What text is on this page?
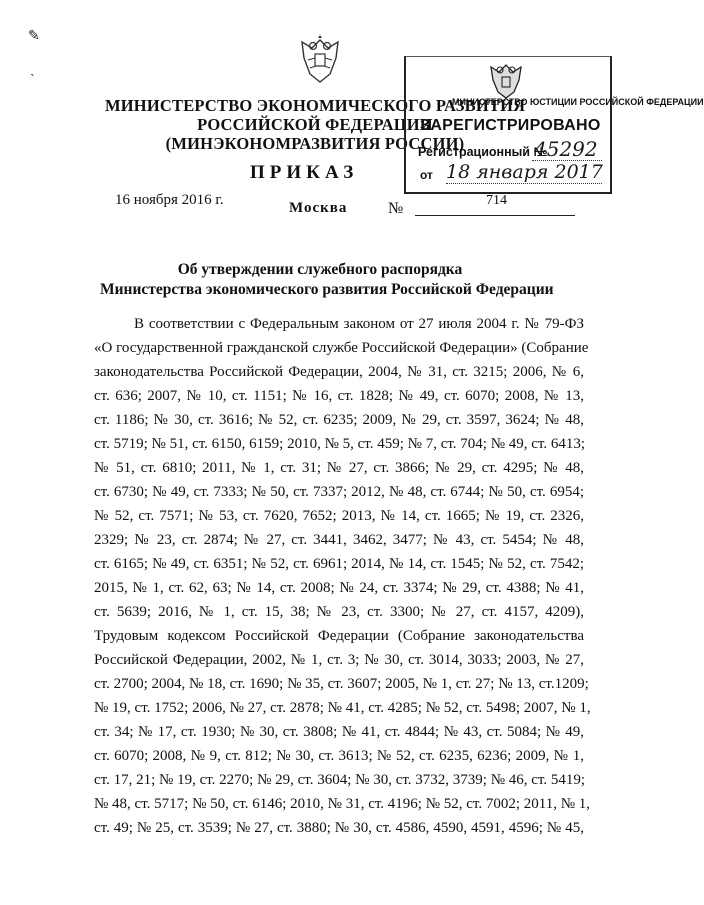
✎
ˎ
МИНИСТЕРСТВО ЭКОНОМИЧЕСКОГО РАЗВИТИЯ
РОССИЙСКОЙ ФЕДЕРАЦИИ
(МИНЭКОНОМРАЗВИТИЯ РОССИИ)
МИНИСТЕРСТВО ЮСТИЦИИ РОССИЙСКОЙ ФЕДЕРАЦИИ
ЗАРЕГИСТРИРОВАНО
Регистрационный №
45292
от 18 января 2017
ПРИКАЗ
16 ноября 2016 г.	Москва	№	714
Об утверждении служебного распорядка
Министерства экономического развития Российской Федерации
В соответствии с Федеральным законом от 27 июля 2004 г. № 79-ФЗ
«О государственной гражданской службе Российской Федерации» (Собрание
законодательства Российской Федерации, 2004, № 31, ст. 3215; 2006, № 6,
ст. 636; 2007, № 10, ст. 1151; № 16, ст. 1828; № 49, ст. 6070; 2008, № 13,
ст. 1186; № 30, ст. 3616; № 52, ст. 6235; 2009, № 29, ст. 3597, 3624; № 48,
ст. 5719; № 51, ст. 6150, 6159; 2010, № 5, ст. 459; № 7, ст. 704; № 49, ст. 6413;
№ 51, ст. 6810; 2011, № 1, ст. 31; № 27, ст. 3866; № 29, ст. 4295; № 48,
ст. 6730; № 49, ст. 7333; № 50, ст. 7337; 2012, № 48, ст. 6744; № 50, ст. 6954;
№ 52, ст. 7571; № 53, ст. 7620, 7652; 2013, № 14, ст. 1665; № 19, ст. 2326,
2329; № 23, ст. 2874; № 27, ст. 3441, 3462, 3477; № 43, ст. 5454; № 48,
ст. 6165; № 49, ст. 6351; № 52, ст. 6961; 2014, № 14, ст. 1545; № 52, ст. 7542;
2015, № 1, ст. 62, 63; № 14, ст. 2008; № 24, ст. 3374; № 29, ст. 4388; № 41,
ст. 5639; 2016, № 1, ст. 15, 38; № 23, ст. 3300; № 27, ст. 4157, 4209),
Трудовым кодексом Российской Федерации (Собрание законодательства
Российской Федерации, 2002, № 1, ст. 3; № 30, ст. 3014, 3033; 2003, № 27,
ст. 2700; 2004, № 18, ст. 1690; № 35, ст. 3607; 2005, № 1, ст. 27; № 13, ст.1209;
№ 19, ст. 1752; 2006, № 27, ст. 2878; № 41, ст. 4285; № 52, ст. 5498; 2007, № 1,
ст. 34; № 17, ст. 1930; № 30, ст. 3808; № 41, ст. 4844; № 43, ст. 5084; № 49,
ст. 6070; 2008, № 9, ст. 812; № 30, ст. 3613; № 52, ст. 6235, 6236; 2009, № 1,
ст. 17, 21; № 19, ст. 2270; № 29, ст. 3604; № 30, ст. 3732, 3739; № 46, ст. 5419;
№ 48, ст. 5717; № 50, ст. 6146; 2010, № 31, ст. 4196; № 52, ст. 7002; 2011, № 1,
ст. 49; № 25, ст. 3539; № 27, ст. 3880; № 30, ст. 4586, 4590, 4591, 4596; № 45,
